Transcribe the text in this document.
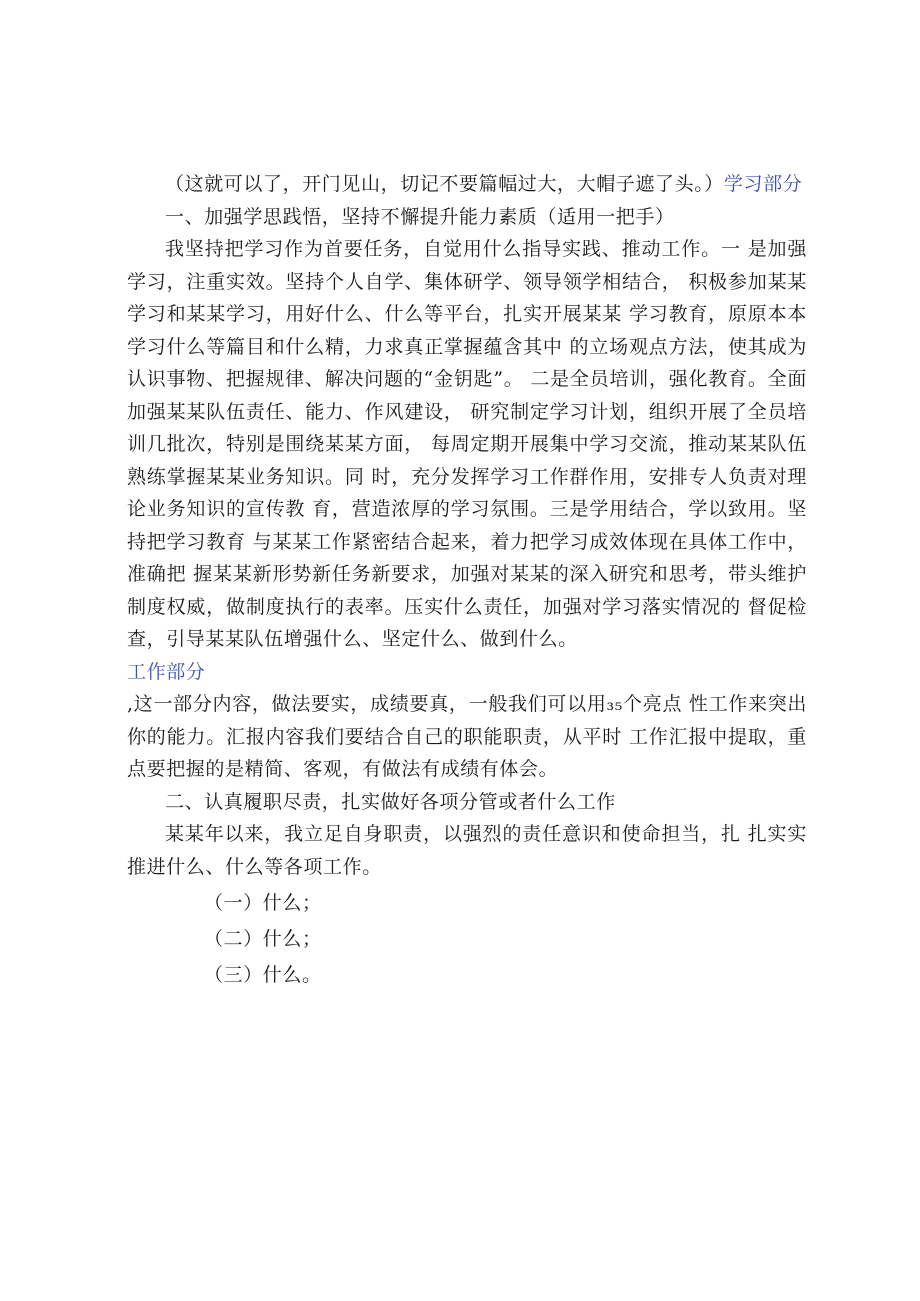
（这就可以了，开门见山，切记不要篇幅过大，大帽子遮了头。）学习部分

一、加强学思践悟，坚持不懈提升能力素质（适用一把手）

我坚持把学习作为首要任务，自觉用什么指导实践、推动工作。一 是加强学习，注重实效。坚持个人自学、集体研学、领导领学相结合， 积极参加某某学习和某某学习，用好什么、什么等平台，扎实开展某某 学习教育，原原本本学习什么等篇目和什么精，力求真正掌握蕴含其中 的立场观点方法，使其成为认识事物、把握规律、解决问题的“金钥匙”。 二是全员培训，强化教育。全面加强某某队伍责任、能力、作风建设， 研究制定学习计划，组织开展了全员培训几批次，特别是围绕某某方面， 每周定期开展集中学习交流，推动某某队伍熟练掌握某某业务知识。同 时，充分发挥学习工作群作用，安排专人负责对理论业务知识的宣传教 育，营造浓厚的学习氛围。三是学用结合，学以致用。坚持把学习教育 与某某工作紧密结合起来，着力把学习成效体现在具体工作中，准确把 握某某新形势新任务新要求，加强对某某的深入研究和思考，带头维护 制度权威，做制度执行的表率。压实什么责任，加强对学习落实情况的 督促检查，引导某某队伍增强什么、坚定什么、做到什么。

工作部分

,这一部分内容，做法要实，成绩要真，一般我们可以用₃₅个亮点 性工作来突出你的能力。汇报内容我们要结合自己的职能职责，从平时 工作汇报中提取，重点要把握的是精简、客观，有做法有成绩有体会。

二、认真履职尽责，扎实做好各项分管或者什么工作

某某年以来，我立足自身职责，以强烈的责任意识和使命担当，扎 扎实实推进什么、什么等各项工作。

（一）什么；

（二）什么；

（三）什么。
